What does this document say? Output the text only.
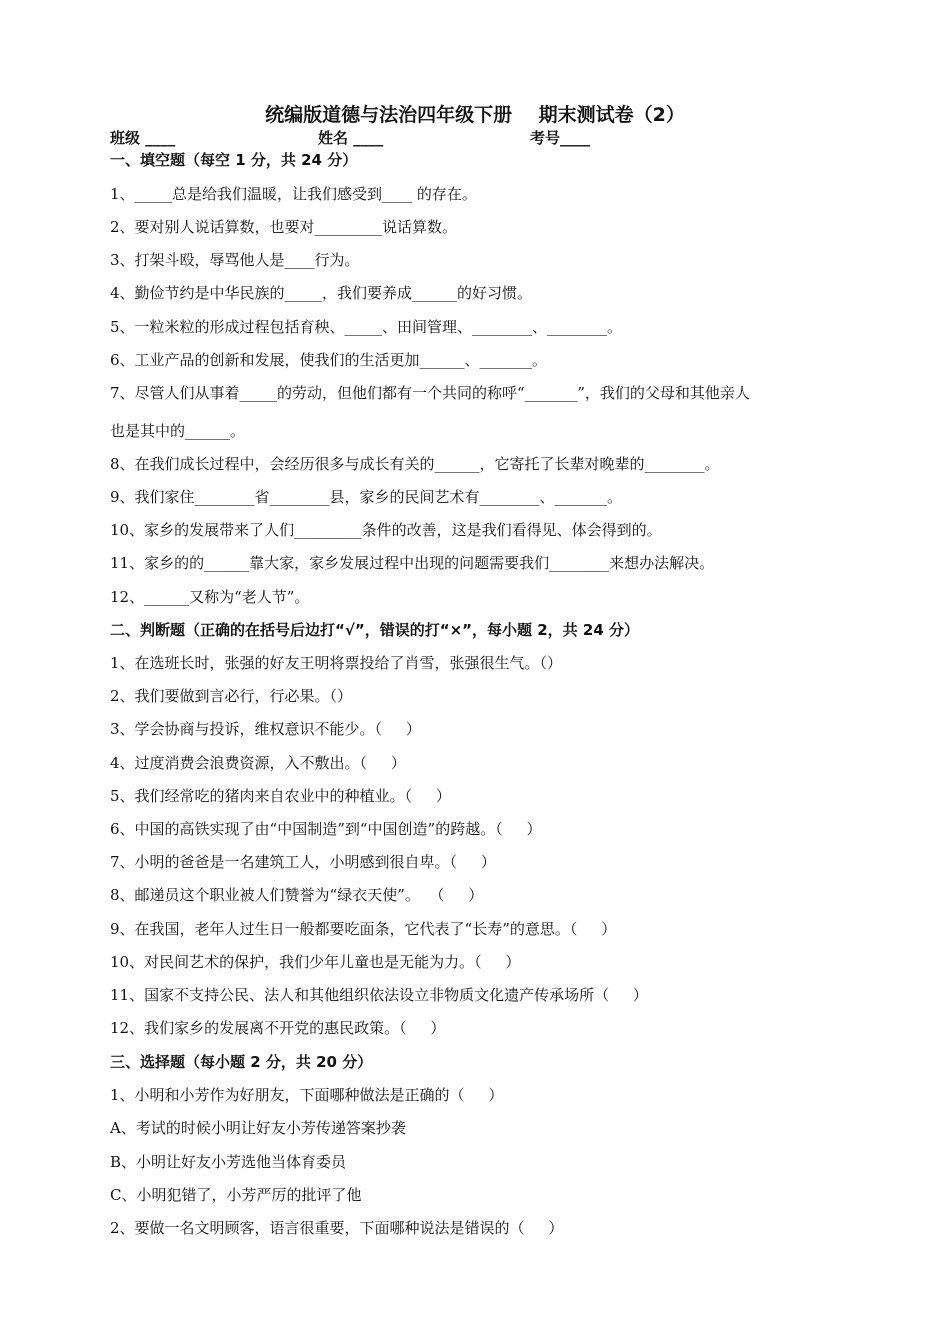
统编版道德与法治四年级下册    期末测试卷（2）
班级 ____	姓名 ____	考号____
一、填空题（每空 1 分，共 24 分）
1、_____总是给我们温暖，让我们感受到____ 的存在。
2、要对别人说话算数，也要对_________说话算数。
3、打架斗殴，辱骂他人是____行为。
4、勤俭节约是中华民族的_____，我们要养成______的好习惯。
5、一粒米粒的形成过程包括育秧、_____、田间管理、________、________。
6、工业产品的创新和发展，使我们的生活更加______、_______。
7、尽管人们从事着_____的劳动，但他们都有一个共同的称呼“_______”，我们的父母和其他亲人
也是其中的______。
8、在我们成长过程中，会经历很多与成长有关的______，它寄托了长辈对晚辈的________。
9、我们家住________省________县，家乡的民间艺术有________、_______。
10、家乡的发展带来了人们_________条件的改善，这是我们看得见、体会得到的。
11、家乡的的______靠大家，家乡发展过程中出现的问题需要我们________来想办法解决。
12、______又称为“老人节”。
二、判断题（正确的在括号后边打“√”，错误的打“×”，每小题 2，共 24 分）
1、在选班长时，张强的好友王明将票投给了肖雪，张强很生气。（）
2、我们要做到言必行，行必果。（）
3、学会协商与投诉，维权意识不能少。（     ）
4、过度消费会浪费资源，入不敷出。（     ）
5、我们经常吃的猪肉来自农业中的种植业。（     ）
6、中国的高铁实现了由“中国制造”到“中国创造”的跨越。（     ）
7、小明的爸爸是一名建筑工人，小明感到很自卑。（     ）
8、邮递员这个职业被人们赞誉为“绿衣天使”。  （     ）
9、在我国，老年人过生日一般都要吃面条，它代表了“长寿”的意思。（     ）
10、对民间艺术的保护，我们少年儿童也是无能为力。（     ）
11、国家不支持公民、法人和其他组织依法设立非物质文化遗产传承场所（     ）
12、我们家乡的发展离不开党的惠民政策。（     ）
三、选择题（每小题 2 分，共 20 分）
1、小明和小芳作为好朋友，下面哪种做法是正确的（     ）
A、考试的时候小明让好友小芳传递答案抄袭
B、小明让好友小芳选他当体育委员
C、小明犯错了，小芳严厉的批评了他
2、要做一名文明顾客，语言很重要，下面哪种说法是错误的（     ）
